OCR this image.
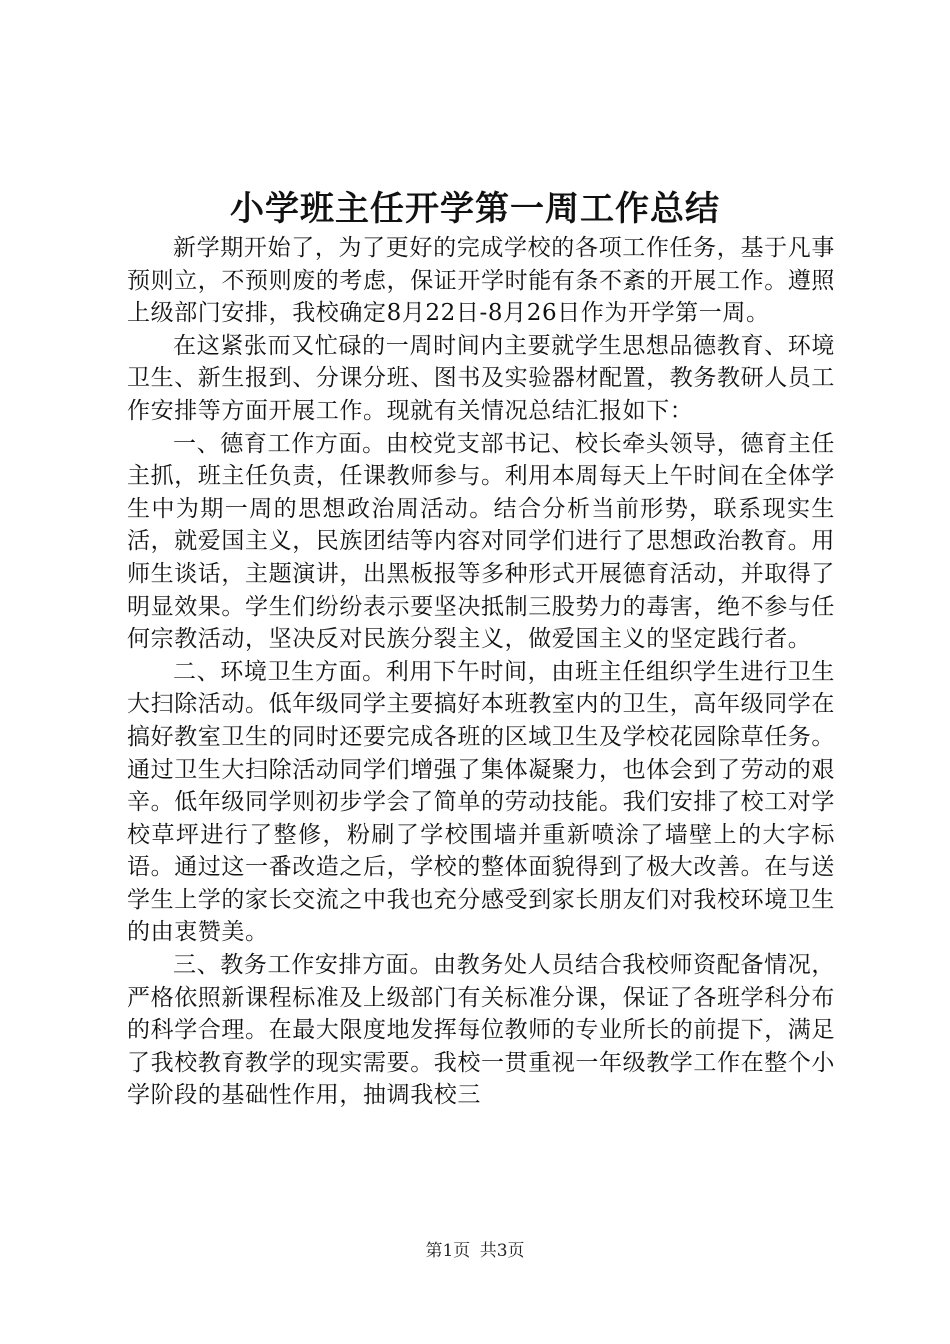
小学班主任开学第一周工作总结

新学期开始了，为了更好的完成学校的各项工作任务，基于凡事预则立，不预则废的考虑，保证开学时能有条不紊的开展工作。遵照上级部门安排，我校确定8月22日-8月26日作为开学第一周。

在这紧张而又忙碌的一周时间内主要就学生思想品德教育、环境卫生、新生报到、分课分班、图书及实验器材配置，教务教研人员工作安排等方面开展工作。现就有关情况总结汇报如下：

一、德育工作方面。由校党支部书记、校长牵头领导，德育主任主抓，班主任负责，任课教师参与。利用本周每天上午时间在全体学生中为期一周的思想政治周活动。结合分析当前形势，联系现实生活，就爱国主义，民族团结等内容对同学们进行了思想政治教育。用师生谈话，主题演讲，出黑板报等多种形式开展德育活动，并取得了明显效果。学生们纷纷表示要坚决抵制三股势力的毒害，绝不参与任何宗教活动，坚决反对民族分裂主义，做爱国主义的坚定践行者。

二、环境卫生方面。利用下午时间，由班主任组织学生进行卫生大扫除活动。低年级同学主要搞好本班教室内的卫生，高年级同学在搞好教室卫生的同时还要完成各班的区域卫生及学校花园除草任务。通过卫生大扫除活动同学们增强了集体凝聚力，也体会到了劳动的艰辛。低年级同学则初步学会了简单的劳动技能。我们安排了校工对学校草坪进行了整修，粉刷了学校围墙并重新喷涂了墙壁上的大字标语。通过这一番改造之后，学校的整体面貌得到了极大改善。在与送学生上学的家长交流之中我也充分感受到家长朋友们对我校环境卫生的由衷赞美。

三、教务工作安排方面。由教务处人员结合我校师资配备情况，严格依照新课程标准及上级部门有关标准分课，保证了各班学科分布的科学合理。在最大限度地发挥每位教师的专业所长的前提下，满足了我校教育教学的现实需要。我校一贯重视一年级教学工作在整个小学阶段的基础性作用，抽调我校三

第1页 共3页
